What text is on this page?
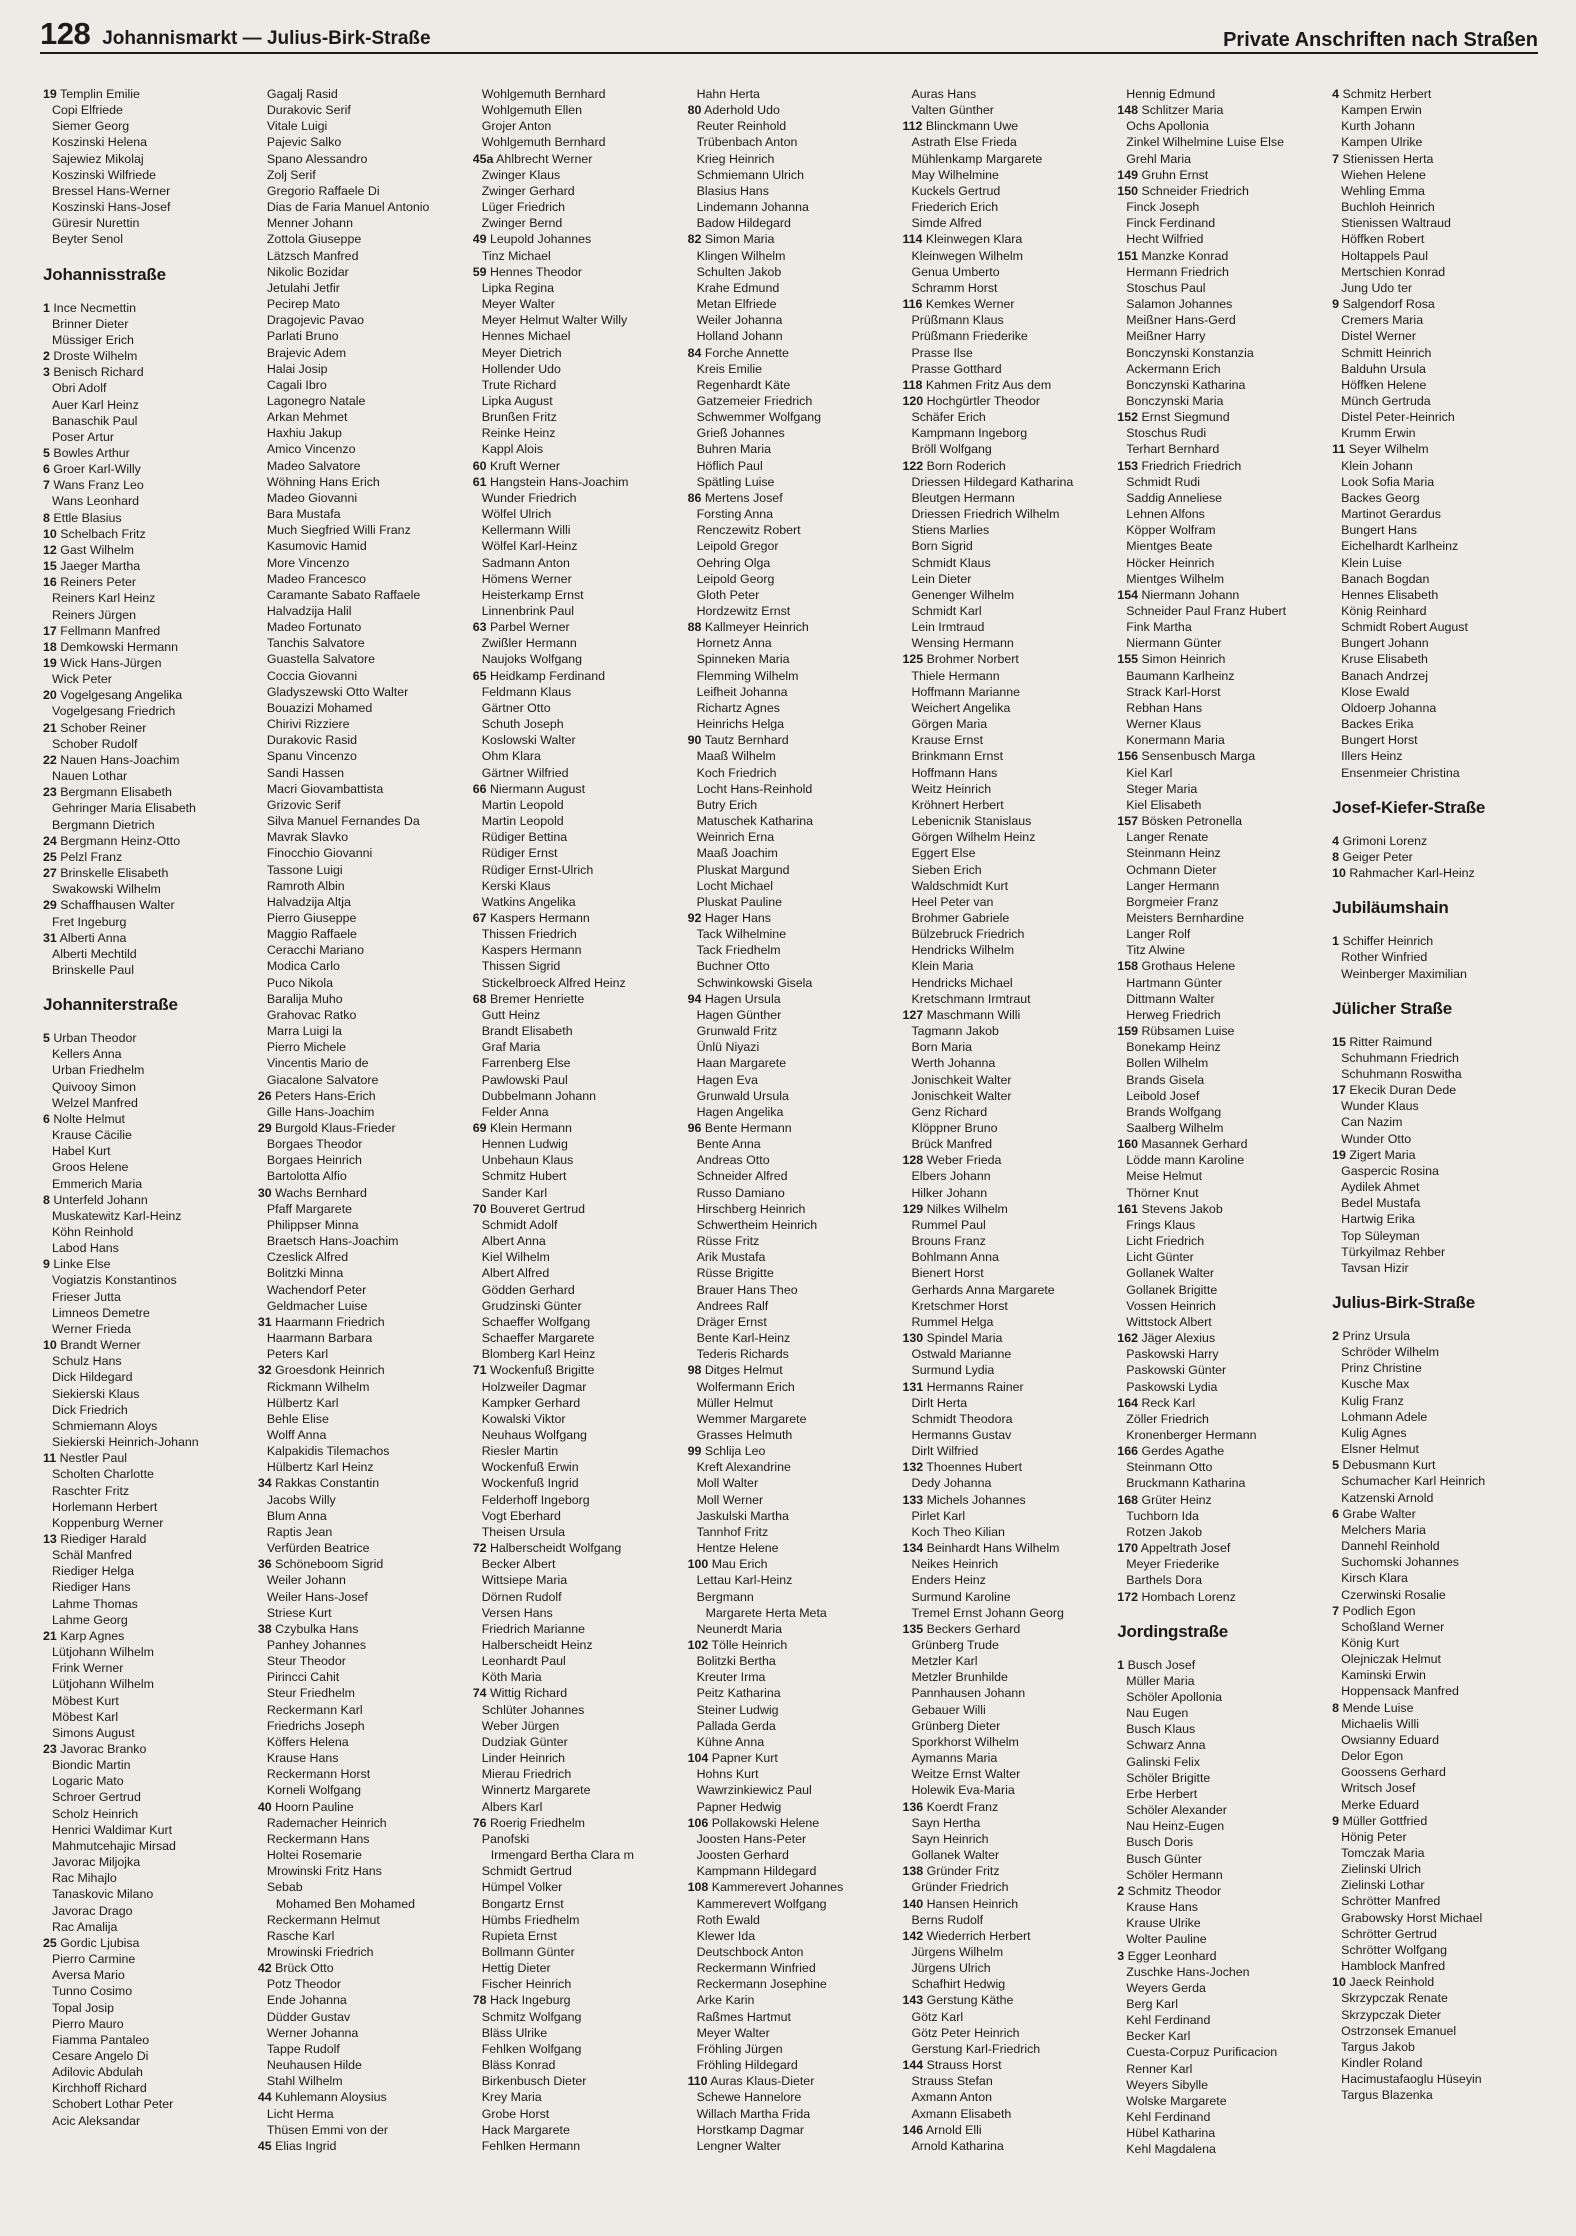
128 Johannismarkt — Julius-Birk-Straße	Private Anschriften nach Straßen
19 Templin Emilie
Copi Elfriede
Siemer Georg
Koszinski Helena
Sajewiez Mikolaj
Koszinski Wilfriede
Bressel Hans-Werner
Koszinski Hans-Josef
Güresir Nurettin
Beyter Senol
Johannisstraße
1 Ince Necmettin
Brinner Dieter
Müssiger Erich
2 Droste Wilhelm
3 Benisch Richard
Obri Adolf
Auer Karl Heinz
Banaschik Paul
Poser Artur
5 Bowles Arthur
6 Groer Karl-Willy
7 Wans Franz Leo
Wans Leonhard
8 Ettle Blasius
10 Schelbach Fritz
12 Gast Wilhelm
15 Jaeger Martha
16 Reiners Peter
Reiners Karl Heinz
Reiners Jürgen
17 Fellmann Manfred
18 Demkowski Hermann
19 Wick Hans-Jürgen
Wick Peter
20 Vogelgesang Angelika
Vogelgesang Friedrich
21 Schober Reiner
Schober Rudolf
22 Nauen Hans-Joachim
Nauen Lothar
23 Bergmann Elisabeth
Gehringer Maria Elisabeth
Bergmann Dietrich
24 Bergmann Heinz-Otto
25 Pelzl Franz
27 Brinskelle Elisabeth
Swakowski Wilhelm
29 Schaffhausen Walter
Fret Ingeburg
31 Alberti Anna
Alberti Mechtild
Brinskelle Paul
Johanniterstraße
5 Urban Theodor
Kellers Anna
Urban Friedhelm
Quivooy Simon
Welzel Manfred
6 Nolte Helmut
Krause Cäcilie
Habel Kurt
Groos Helene
Emmerich Maria
8 Unterfeld Johann
Muskatewitz Karl-Heinz
Köhn Reinhold
Labod Hans
9 Linke Else
Vogiatzis Konstantinos
Frieser Jutta
Limneos Demetre
Werner Frieda
10 Brandt Werner
Schulz Hans
Dick Hildegard
Siekierski Klaus
Dick Friedrich
Schmiemann Aloys
Siekierski Heinrich-Johann
11 Nestler Paul
Scholten Charlotte
Raschter Fritz
Horlemann Herbert
Koppenburg Werner
13 Riediger Harald
Schäl Manfred
Riediger Helga
Riediger Hans
Lahme Thomas
Lahme Georg
21 Karp Agnes
Lütjohann Wilhelm
Frink Werner
Lütjohann Wilhelm
Möbest Kurt
Möbest Karl
Simons August
23 Javorac Branko
Biondic Martin
Logaric Mato
Schroer Gertrud
Scholz Heinrich
Henrici Waldimar Kurt
Mahmutcehajic Mirsad
Javorac Miljojka
Rac Mihajlo
Tanaskovic Milano
Javorac Drago
Rac Amalija
25 Gordic Ljubisa
Pierro Carmine
Aversa Mario
Tunno Cosimo
Topal Josip
Pierro Mauro
Fiamma Pantaleo
Cesare Angelo Di
Adilovic Abdulah
Kirchhoff Richard
Schobert Lothar Peter
Acic Aleksandar
Gagalj Rasid
Durakovic Serif
Vitale Luigi
Pajevic Salko
Spano Alessandro
Zolj Serif
Gregorio Raffaele Di
Dias de Faria Manuel Antonio
Menner Johann
Zottola Giuseppe
Lätzsch Manfred
Nikolic Bozidar
Jetulahi Jetfir
Pecirep Mato
Dragojevic Pavao
Parlati Bruno
Brajevic Adem
Halai Josip
Cagali Ibro
Lagonegro Natale
Arkan Mehmet
Haxhiu Jakup
Amico Vincenzo
Madeo Salvatore
Wöhning Hans Erich
Madeo Giovanni
Bara Mustafa
Much Siegfried Willi Franz
Kasumovic Hamid
More Vincenzo
Madeo Francesco
Caramante Sabato Raffaele
Halvadzija Halil
Madeo Fortunato
Tanchis Salvatore
Guastella Salvatore
Coccia Giovanni
Gladyszewski Otto Walter
Bouazizi Mohamed
Chirivi Rizziere
Durakovic Rasid
Spanu Vincenzo
Sandi Hassen
Macri Giovambattista
Grizovic Serif
Silva Manuel Fernandes Da
Mavrak Slavko
Finocchio Giovanni
Tassone Luigi
Ramroth Albin
Halvadzija Altja
Pierro Giuseppe
Maggio Raffaele
Ceracchi Mariano
Modica Carlo
Puco Nikola
Baralija Muho
Grahovac Ratko
Marra Luigi la
Pierro Michele
Vincentis Mario de
Giacalone Salvatore
26 Peters Hans-Erich
Gille Hans-Joachim
29 Burgold Klaus-Frieder
Borgaes Theodor
Borgaes Heinrich
Bartolotta Alfio
30 Wachs Bernhard
Pfaff Margarete
Philippser Minna
Braetsch Hans-Joachim
Czeslick Alfred
Bolitzki Minna
Wachendorf Peter
Geldmacher Luise
31 Haarmann Friedrich
Haarmann Barbara
Peters Karl
32 Groesdonk Heinrich
Rickmann Wilhelm
Hülbertz Karl
Behle Elise
Wolff Anna
Kalpakidis Tilemachos
Hülbertz Karl Heinz
34 Rakkas Constantin
Jacobs Willy
Blum Anna
Raptis Jean
Verfürden Beatrice
36 Schöneboom Sigrid
Weiler Johann
Weiler Hans-Josef
Striese Kurt
38 Czybulka Hans
Panhey Johannes
Steur Theodor
Pirincci Cahit
Steur Friedhelm
Reckermann Karl
Friedrichs Joseph
Köffers Helena
Krause Hans
Reckermann Horst
Korneli Wolfgang
40 Hoorn Pauline
Rademacher Heinrich
Reckermann Hans
Holtei Rosemarie
Mrowinski Fritz Hans
Sebab
Mohamed Ben Mohamed
Reckermann Helmut
Rasche Karl
Mrowinski Friedrich
42 Brück Otto
Potz Theodor
Ende Johanna
Düdder Gustav
Werner Johanna
Tappe Rudolf
Neuhausen Hilde
Stahl Wilhelm
44 Kuhlemann Aloysius
Licht Herma
Thüsen Emmi von der
45 Elias Ingrid
Wohlgemuth Bernhard
Wohlgemuth Ellen
Grojer Anton
Wohlgemuth Bernhard
45a Ahlbrecht Werner
Zwinger Klaus
Zwinger Gerhard
Lüger Friedrich
Zwinger Bernd
49 Leupold Johannes
Tinz Michael
59 Hennes Theodor
Lipka Regina
Meyer Walter
Meyer Helmut Walter Willy
Hennes Michael
Meyer Dietrich
Hollender Udo
Trute Richard
Lipka August
Brunßen Fritz
Reinke Heinz
Kappl Alois
60 Kruft Werner
61 Hangstein Hans-Joachim
Wunder Friedrich
Wölfel Ulrich
Kellermann Willi
Wölfel Karl-Heinz
Sadmann Anton
Hömens Werner
Heisterkamp Ernst
Linnenbrink Paul
63 Parbel Werner
Zwißler Hermann
Naujoks Wolfgang
65 Heidkamp Ferdinand
Feldmann Klaus
Gärtner Otto
Schuth Joseph
Koslowski Walter
Ohm Klara
Gärtner Wilfried
66 Niermann August
Martin Leopold
Martin Leopold
Rüdiger Bettina
Rüdiger Ernst
Rüdiger Ernst-Ulrich
Kerski Klaus
Watkins Angelika
67 Kaspers Hermann
Thissen Friedrich
Kaspers Hermann
Thissen Sigrid
Stickelbroeck Alfred Heinz
68 Bremer Henriette
Gutt Heinz
Brandt Elisabeth
Graf Maria
Farrenberg Else
Pawlowski Paul
Dubbelmann Johann
Felder Anna
69 Klein Hermann
Hennen Ludwig
Unbehaun Klaus
Schmitz Hubert
Sander Karl
70 Bouveret Gertrud
Schmidt Adolf
Albert Anna
Kiel Wilhelm
Albert Alfred
Gödden Gerhard
Grudzinski Günter
Schaeffer Wolfgang
Schaeffer Margarete
Blomberg Karl Heinz
71 Wockenfuß Brigitte
Holzweiler Dagmar
Kampker Gerhard
Kowalski Viktor
Neuhaus Wolfgang
Riesler Martin
Wockenfuß Erwin
Wockenfuß Ingrid
Felderhoff Ingeborg
Vogt Eberhard
Theisen Ursula
72 Halberscheidt Wolfgang
Becker Albert
Wittsiepe Maria
Dörnen Rudolf
Versen Hans
Friedrich Marianne
Halberscheidt Heinz
Leonhardt Paul
Köth Maria
74 Wittig Richard
Schlüter Johannes
Weber Jürgen
Dudziak Günter
Linder Heinrich
Mierau Friedrich
Winnertz Margarete
Albers Karl
76 Roerig Friedhelm
Panofski
Irmengard Bertha Clara m
Schmidt Gertrud
Hümpel Volker
Bongartz Ernst
Hümbs Friedhelm
Rupieta Ernst
Bollmann Günter
Hettig Dieter
Fischer Heinrich
78 Hack Ingeburg
Schmitz Wolfgang
Bläss Ulrike
Fehlken Wolfgang
Bläss Konrad
Birkenbusch Dieter
Krey Maria
Grobe Horst
Hack Margarete
Fehlken Hermann
Hahn Herta
80 Aderhold Udo
Reuter Reinhold
Trübenbach Anton
Krieg Heinrich
Schmiemann Ulrich
Blasius Hans
Lindemann Johanna
Badow Hildegard
82 Simon Maria
Klingen Wilhelm
Schulten Jakob
Krahe Edmund
Metan Elfriede
Weiler Johanna
Holland Johann
84 Forche Annette
Kreis Emilie
Regenhardt Käte
Gatzemeier Friedrich
Schwemmer Wolfgang
Grieß Johannes
Buhren Maria
Höflich Paul
Spätling Luise
86 Mertens Josef
Forsting Anna
Renczewitz Robert
Leipold Gregor
Oehring Olga
Leipold Georg
Gloth Peter
Hordzewitz Ernst
88 Kallmeyer Heinrich
Hornetz Anna
Spinneken Maria
Flemming Wilhelm
Leifheit Johanna
Richartz Agnes
Heinrichs Helga
90 Tautz Bernhard
Maaß Wilhelm
Koch Friedrich
Locht Hans-Reinhold
Butry Erich
Matuschek Katharina
Weinrich Erna
Maaß Joachim
Pluskat Margund
Locht Michael
Pluskat Pauline
92 Hager Hans
Tack Wilhelmine
Tack Friedhelm
Buchner Otto
Schwinkowski Gisela
94 Hagen Ursula
Hagen Günther
Grunwald Fritz
Ünlü Niyazi
Haan Margarete
Hagen Eva
Grunwald Ursula
Hagen Angelika
96 Bente Hermann
Bente Anna
Andreas Otto
Schneider Alfred
Russo Damiano
Hirschberg Heinrich
Schwertheim Heinrich
Rüsse Fritz
Arik Mustafa
Rüsse Brigitte
Brauer Hans Theo
Andrees Ralf
Dräger Ernst
Bente Karl-Heinz
Tederis Richards
98 Ditges Helmut
Wolfermann Erich
Müller Helmut
Wemmer Margarete
Grasses Helmuth
99 Schlija Leo
Kreft Alexandrine
Moll Walter
Moll Werner
Jaskulski Martha
Tannhof Fritz
Hentze Helene
100 Mau Erich
Lettau Karl-Heinz
Bergmann
Margarete Herta Meta
Neunerdt Maria
102 Tölle Heinrich
Bolitzki Bertha
Kreuter Irma
Peitz Katharina
Steiner Ludwig
Pallada Gerda
Kühne Anna
104 Papner Kurt
Hohns Kurt
Wawrzinkiewicz Paul
Papner Hedwig
106 Pollakowski Helene
Joosten Hans-Peter
Joosten Gerhard
Kampmann Hildegard
108 Kammerevert Johannes
Kammerevert Wolfgang
Roth Ewald
Klewer Ida
Deutschbock Anton
Reckermann Winfried
Reckermann Josephine
Arke Karin
Raßmes Hartmut
Meyer Walter
Fröhling Jürgen
Fröhling Hildegard
110 Auras Klaus-Dieter
Schewe Hannelore
Willach Martha Frida
Horstkamp Dagmar
Lengner Walter
Auras Hans
Valten Günther
112 Blinckmann Uwe
Astrath Else Frieda
Mühlenkamp Margarete
May Wilhelmine
Kuckels Gertrud
Friederich Erich
Simde Alfred
114 Kleinwegen Klara
Kleinwegen Wilhelm
Genua Umberto
Schramm Horst
116 Kemkes Werner
Prüßmann Klaus
Prüßmann Friederike
Prasse Ilse
Prasse Gotthard
118 Kahmen Fritz Aus dem
120 Hochgürtler Theodor
Schäfer Erich
Kampmann Ingeborg
Bröll Wolfgang
122 Born Roderich
Driessen Hildegard Katharina
Bleutgen Hermann
Driessen Friedrich Wilhelm
Stiens Marlies
Born Sigrid
Schmidt Klaus
Lein Dieter
Genenger Wilhelm
Schmidt Karl
Lein Irmtraud
Wensing Hermann
125 Brohmer Norbert
Thiele Hermann
Hoffmann Marianne
Weichert Angelika
Görgen Maria
Krause Ernst
Brinkmann Ernst
Hoffmann Hans
Weitz Heinrich
Kröhnert Herbert
Lebenicnik Stanislaus
Görgen Wilhelm Heinz
Eggert Else
Sieben Erich
Waldschmidt Kurt
Heel Peter van
Brohmer Gabriele
Bülzebruck Friedrich
Hendricks Wilhelm
Klein Maria
Hendricks Michael
Kretschmann Irmtraut
127 Maschmann Willi
Tagmann Jakob
Born Maria
Werth Johanna
Jonischkeit Walter
Jonischkeit Walter
Genz Richard
Klöppner Bruno
Brück Manfred
128 Weber Frieda
Elbers Johann
Hilker Johann
129 Nilkes Wilhelm
Rummel Paul
Brouns Franz
Bohlmann Anna
Bienert Horst
Gerhards Anna Margarete
Kretschmer Horst
Rummel Helga
130 Spindel Maria
Ostwald Marianne
Surmund Lydia
131 Hermanns Rainer
Dirlt Herta
Schmidt Theodora
Hermanns Gustav
Dirlt Wilfried
132 Thoennes Hubert
Dedy Johanna
133 Michels Johannes
Pirlet Karl
Koch Theo Kilian
134 Beinhardt Hans Wilhelm
Neikes Heinrich
Enders Heinz
Surmund Karoline
Tremel Ernst Johann Georg
135 Beckers Gerhard
Grünberg Trude
Metzler Karl
Metzler Brunhilde
Pannhausen Johann
Gebauer Willi
Grünberg Dieter
Sporkhorst Wilhelm
Aymanns Maria
Weitze Ernst Walter
Holewik Eva-Maria
136 Koerdt Franz
Sayn Hertha
Sayn Heinrich
Gollanek Walter
138 Gründer Fritz
Gründer Friedrich
140 Hansen Heinrich
Berns Rudolf
142 Wiederrich Herbert
Jürgens Wilhelm
Jürgens Ulrich
Schafhirt Hedwig
143 Gerstung Käthe
Götz Karl
Götz Peter Heinrich
Gerstung Karl-Friedrich
144 Strauss Horst
Strauss Stefan
Axmann Anton
Axmann Elisabeth
146 Arnold Elli
Arnold Katharina
Hennig Edmund
148 Schlitzer Maria
Ochs Apollonia
Zinkel Wilhelmine Luise Else
Grehl Maria
149 Gruhn Ernst
150 Schneider Friedrich
Finck Joseph
Finck Ferdinand
Hecht Wilfried
151 Manzke Konrad
Hermann Friedrich
Stoschus Paul
Salamon Johannes
Meißner Hans-Gerd
Meißner Harry
Bonczynski Konstanzia
Ackermann Erich
Bonczynski Katharina
Bonczynski Maria
152 Ernst Siegmund
Stoschus Rudi
Terhart Bernhard
153 Friedrich Friedrich
Schmidt Rudi
Saddig Anneliese
Lehnen Alfons
Köpper Wolfram
Mientges Beate
Höcker Heinrich
Mientges Wilhelm
154 Niermann Johann
Schneider Paul Franz Hubert
Fink Martha
Niermann Günter
155 Simon Heinrich
Baumann Karlheinz
Strack Karl-Horst
Rebhan Hans
Werner Klaus
Konermann Maria
156 Sensenbusch Marga
Kiel Karl
Steger Maria
Kiel Elisabeth
157 Bösken Petronella
Langer Renate
Steinmann Heinz
Ochmann Dieter
Langer Hermann
Borgmeier Franz
Meisters Bernhardine
Langer Rolf
Titz Alwine
158 Grothaus Helene
Hartmann Günter
Dittmann Walter
Herweg Friedrich
159 Rübsamen Luise
Bonekamp Heinz
Bollen Wilhelm
Brands Gisela
Leibold Josef
Brands Wolfgang
Saalberg Wilhelm
160 Masannek Gerhard
Lödde mann Karoline
Meise Helmut
Thörner Knut
161 Stevens Jakob
Frings Klaus
Licht Friedrich
Licht Günter
Gollanek Walter
Gollanek Brigitte
Vossen Heinrich
Wittstock Albert
162 Jäger Alexius
Paskowski Harry
Paskowski Günter
Paskowski Lydia
164 Reck Karl
Zöller Friedrich
Kronenberger Hermann
166 Gerdes Agathe
Steinmann Otto
Bruckmann Katharina
168 Grüter Heinz
Tuchborn Ida
Rotzen Jakob
170 Appeltrath Josef
Meyer Friederike
Barthels Dora
172 Hombach Lorenz
Jordingstraße
1 Busch Josef
Müller Maria
Schöler Apollonia
Nau Eugen
Busch Klaus
Schwarz Anna
Galinski Felix
Schöler Brigitte
Erbe Herbert
Schöler Alexander
Nau Heinz-Eugen
Busch Doris
Busch Günter
Schöler Hermann
2 Schmitz Theodor
Krause Hans
Krause Ulrike
Wolter Pauline
3 Egger Leonhard
Zuschke Hans-Jochen
Weyers Gerda
Berg Karl
Kehl Ferdinand
Becker Karl
Cuesta-Corpuz Purificacion
Renner Karl
Weyers Sibylle
Wolske Margarete
Kehl Ferdinand
Hübel Katharina
Kehl Magdalena
4 Schmitz Herbert
Kampen Erwin
Kurth Johann
Kampen Ulrike
7 Stienissen Herta
Wiehen Helene
Wehling Emma
Buchloh Heinrich
Stienissen Waltraud
Höffken Robert
Holtappels Paul
Mertschien Konrad
Jung Udo ter
9 Salgendorf Rosa
Cremers Maria
Distel Werner
Schmitt Heinrich
Balduhn Ursula
Höffken Helene
Münch Gertruda
Distel Peter-Heinrich
Krumm Erwin
11 Seyer Wilhelm
Klein Johann
Look Sofia Maria
Backes Georg
Martinot Gerardus
Bungert Hans
Eichelhardt Karlheinz
Klein Luise
Banach Bogdan
Hennes Elisabeth
König Reinhard
Schmidt Robert August
Bungert Johann
Kruse Elisabeth
Banach Andrzej
Klose Ewald
Oldoerp Johanna
Backes Erika
Bungert Horst
Illers Heinz
Ensenmeier Christina
Josef-Kiefer-Straße
4 Grimoni Lorenz
8 Geiger Peter
10 Rahmacher Karl-Heinz
Jubiläumshain
1 Schiffer Heinrich
Rother Winfried
Weinberger Maximilian
Jülicher Straße
15 Ritter Raimund
Schuhmann Friedrich
Schuhmann Roswitha
17 Ekecik Duran Dede
Wunder Klaus
Can Nazim
Wunder Otto
19 Zigert Maria
Gaspercic Rosina
Aydilek Ahmet
Bedel Mustafa
Hartwig Erika
Top Süleyman
Türkyilmaz Rehber
Tavsan Hizir
Julius-Birk-Straße
2 Prinz Ursula
Schröder Wilhelm
Prinz Christine
Kusche Max
Kulig Franz
Lohmann Adele
Kulig Agnes
Elsner Helmut
5 Debusmann Kurt
Schumacher Karl Heinrich
Katzenski Arnold
6 Grabe Walter
Melchers Maria
Dannehl Reinhold
Suchomski Johannes
Kirsch Klara
Czerwinski Rosalie
7 Podlich Egon
Schoßland Werner
König Kurt
Olejniczak Helmut
Kaminski Erwin
Hoppensack Manfred
8 Mende Luise
Michaelis Willi
Owsianny Eduard
Delor Egon
Goossens Gerhard
Writsch Josef
Merke Eduard
9 Müller Gottfried
Hönig Peter
Tomczak Maria
Zielinski Ulrich
Zielinski Lothar
Schrötter Manfred
Grabowsky Horst Michael
Schrötter Gertrud
Schrötter Wolfgang
Hamblock Manfred
10 Jaeck Reinhold
Skrzypczak Renate
Skrzypczak Dieter
Ostrzonsek Emanuel
Targus Jakob
Kindler Roland
Hacimustafaoglu Hüseyin
Targus Blazenka
